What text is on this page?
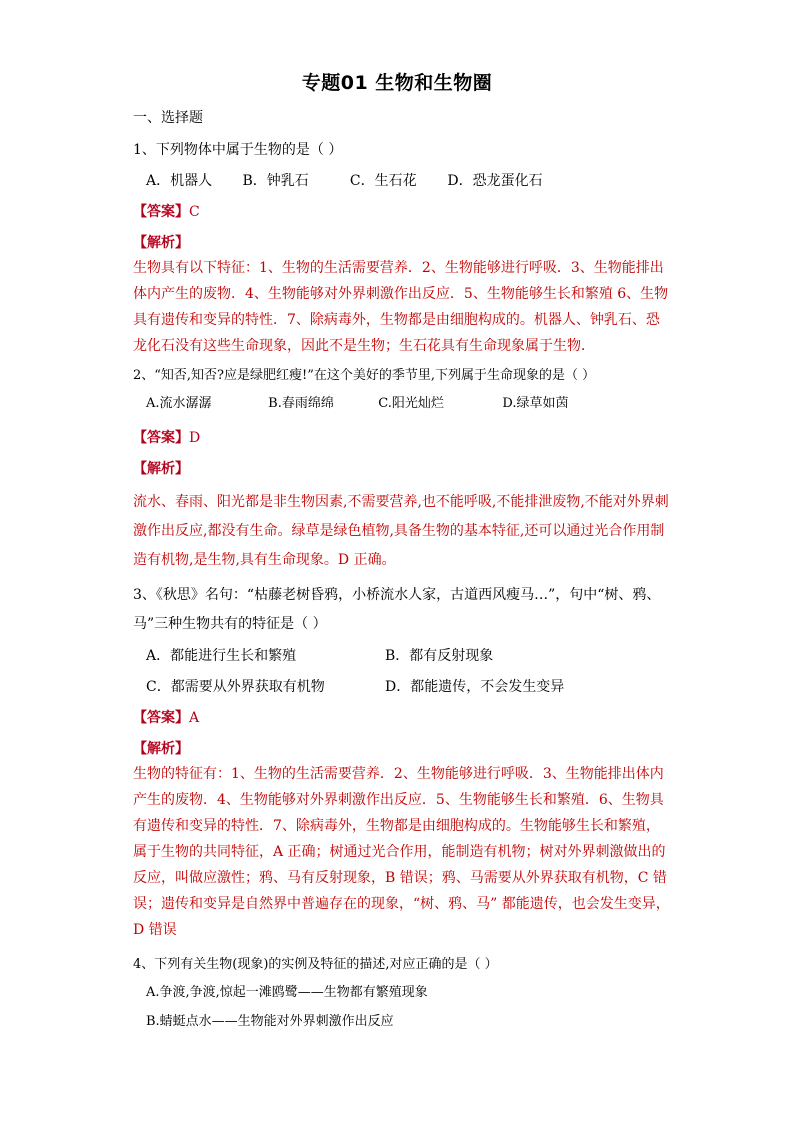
专题01 生物和生物圈
一、选择题
1、下列物体中属于生物的是（ ）
A．机器人 B．钟乳石	C．生石花 D．恐龙蛋化石
【答案】C
【解析】
生物具有以下特征：1、生物的生活需要营养．2、生物能够进行呼吸．3、生物能排出
体内产生的废物．4、生物能够对外界刺激作出反应．5、生物能够生长和繁殖 6、生物
具有遗传和变异的特性．7、除病毒外，生物都是由细胞构成的。机器人、钟乳石、恐
龙化石没有这些生命现象，因此不是生物；生石花具有生命现象属于生物．
2、“知否,知否?应是绿肥红瘦!”在这个美好的季节里,下列属于生命现象的是（ ）
A.流水潺潺	B.春雨绵绵	C.阳光灿烂	D.绿草如茵
【答案】D
【解析】
流水、春雨、阳光都是非生物因素,不需要营养,也不能呼吸,不能排泄废物,不能对外界刺
激作出反应,都没有生命。绿草是绿色植物,具备生物的基本特征,还可以通过光合作用制
造有机物,是生物,具有生命现象。D 正确。
3、《秋思》名句：“枯藤老树昏鸦，小桥流水人家，古道西风瘦马…”，句中“树、鸦、
马”三种生物共有的特征是（ ）
A．都能进行生长和繁殖	B．都有反射现象
C．都需要从外界获取有机物	D．都能遗传，不会发生变异
【答案】A
【解析】
生物的特征有：1、生物的生活需要营养．2、生物能够进行呼吸．3、生物能排出体内
产生的废物．4、生物能够对外界刺激作出反应．5、生物能够生长和繁殖．6、生物具
有遗传和变异的特性．7、除病毒外，生物都是由细胞构成的。生物能够生长和繁殖，
属于生物的共同特征，A 正确；树通过光合作用，能制造有机物；树对外界刺激做出的
反应，叫做应激性；鸦、马有反射现象，B 错误；鸦、马需要从外界获取有机物，C 错
误；遗传和变异是自然界中普遍存在的现象，“树、鸦、马” 都能遗传，也会发生变异，
D 错误
4、下列有关生物(现象)的实例及特征的描述,对应正确的是（ ）
A.争渡,争渡,惊起一滩鸥鹭——生物都有繁殖现象
B.蜻蜓点水——生物能对外界刺激作出反应
